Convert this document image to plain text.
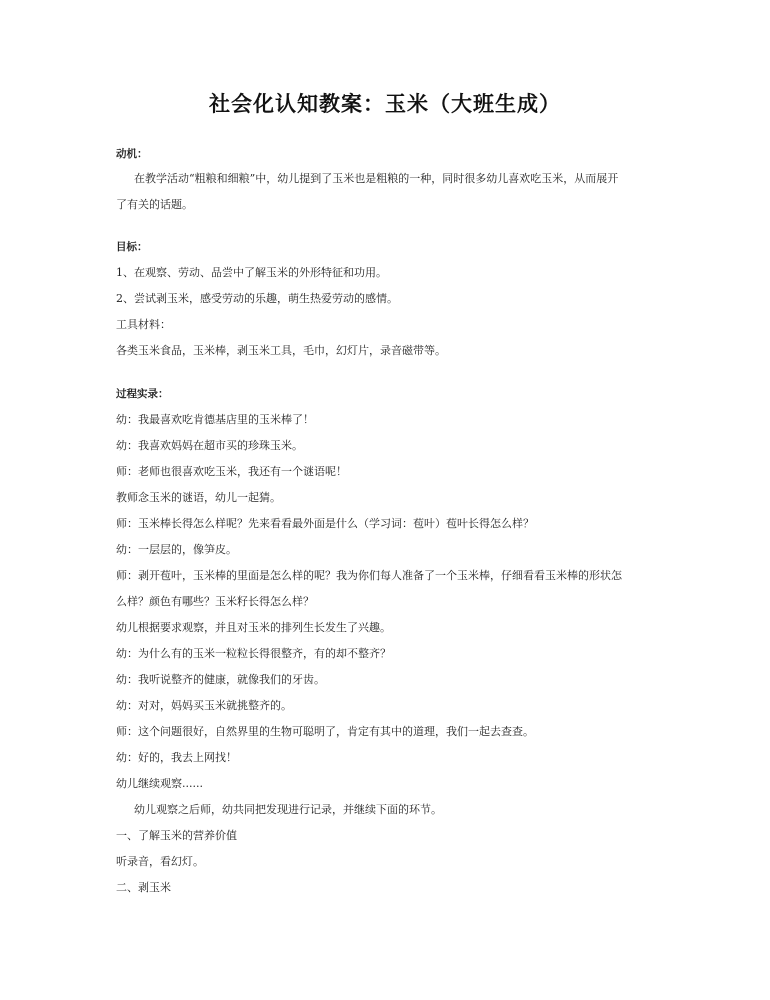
社会化认知教案：玉米（大班生成）
动机：
在教学活动“粗粮和细粮”中，幼儿提到了玉米也是粗粮的一种，同时很多幼儿喜欢吃玉米，从而展开
了有关的话题。
目标：
1、在观察、劳动、品尝中了解玉米的外形特征和功用。
2、尝试剥玉米，感受劳动的乐趣，萌生热爱劳动的感情。
工具材料：
各类玉米食品，玉米棒，剥玉米工具，毛巾，幻灯片，录音磁带等。
过程实录：
幼：我最喜欢吃肯德基店里的玉米棒了！
幼：我喜欢妈妈在超市买的珍珠玉米。
师：老师也很喜欢吃玉米，我还有一个谜语呢！
教师念玉米的谜语，幼儿一起猜。
师：玉米棒长得怎么样呢？先来看看最外面是什么（学习词：苞叶）苞叶长得怎么样？
幼：一层层的，像笋皮。
师：剥开苞叶，玉米棒的里面是怎么样的呢？我为你们每人准备了一个玉米棒，仔细看看玉米棒的形状怎
么样？颜色有哪些？玉米籽长得怎么样？
幼儿根据要求观察，并且对玉米的排列生长发生了兴趣。
幼：为什么有的玉米一粒粒长得很整齐，有的却不整齐？
幼：我听说整齐的健康，就像我们的牙齿。
幼：对对，妈妈买玉米就挑整齐的。
师：这个问题很好，自然界里的生物可聪明了，肯定有其中的道理，我们一起去查查。
幼：好的，我去上网找！
幼儿继续观察......
幼儿观察之后师，幼共同把发现进行记录，并继续下面的环节。
一、了解玉米的营养价值
听录音，看幻灯。
二、剥玉米
